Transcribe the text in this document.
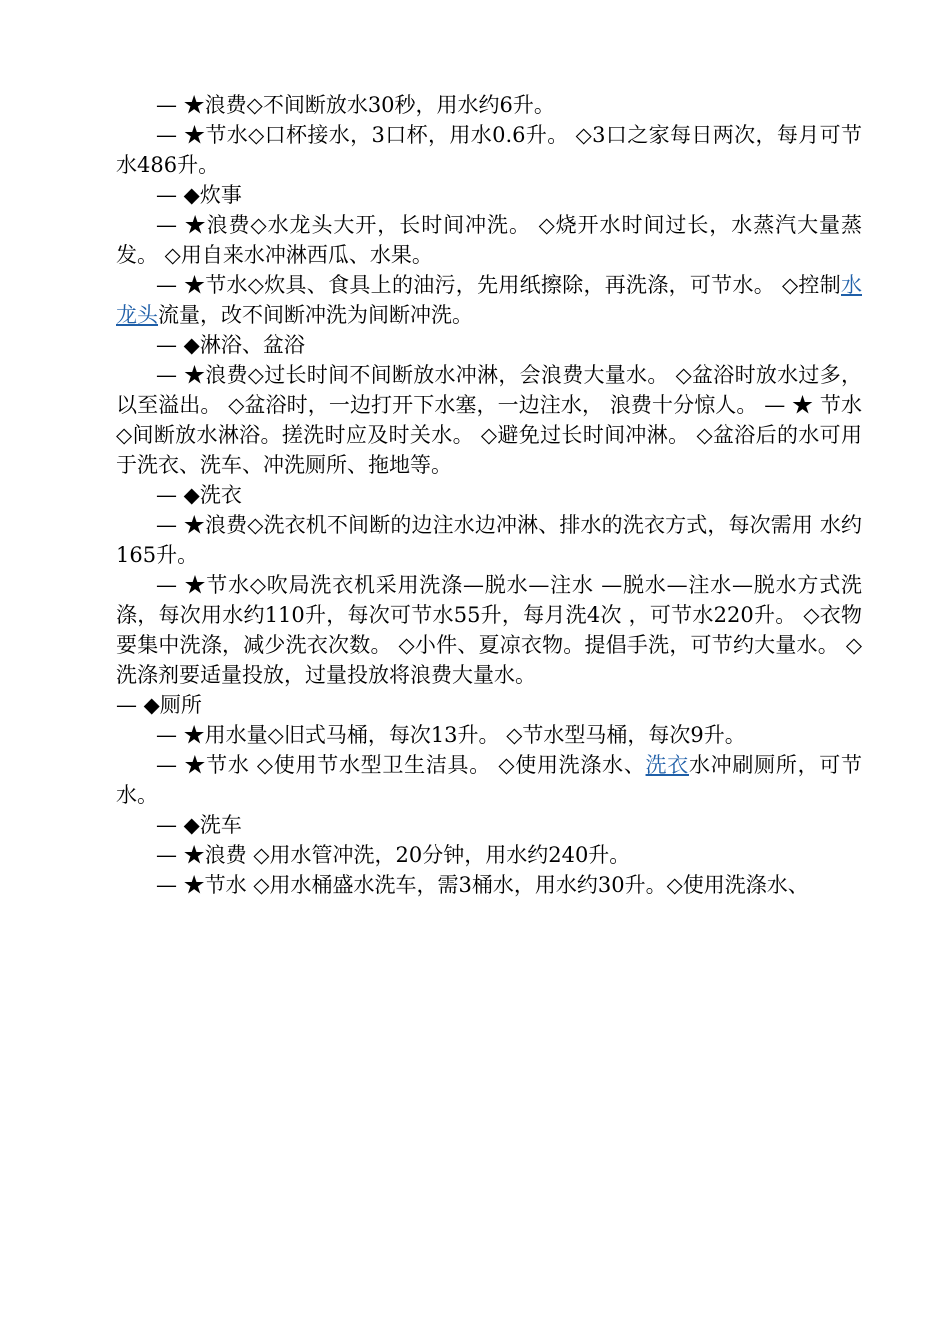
— ★浪费◇不间断放水30秒，用水约6升。

— ★节水◇口杯接水，3口杯，用水0.6升。 ◇3口之家每日两次，每月可节水486升。

— ◆炊事

— ★浪费◇水龙头大开，长时间冲洗。 ◇烧开水时间过长，水蒸汽大量蒸发。 ◇用自来水冲淋西瓜、水果。

— ★节水◇炊具、食具上的油污，先用纸擦除，再洗涤，可节水。 ◇控制水龙头流量，改不间断冲洗为间断冲洗。

— ◆淋浴、盆浴

— ★浪费◇过长时间不间断放水冲淋，会浪费大量水。 ◇盆浴时放水过多，以至溢出。 ◇盆浴时，一边打开下水塞，一边注水， 浪费十分惊人。 — ★ 节水◇间断放水淋浴。搓洗时应及时关水。 ◇避免过长时间冲淋。 ◇盆浴后的水可用于洗衣、洗车、冲洗厕所、拖地等。

— ◆洗衣

— ★浪费◇洗衣机不间断的边注水边冲淋、排水的洗衣方式，每次需用 水约165升。

— ★节水◇吹局洗衣机采用洗涤—脱水—注水 —脱水—注水—脱水方式洗 涤，每次用水约110升，每次可节水55升，每月洗4次 ，可节水220升。 ◇衣物要集中洗涤，减少洗衣次数。 ◇小件、夏凉衣物。提倡手洗，可节约大量水。 ◇洗涤剂要适量投放，过量投放将浪费大量水。

— ◆厕所

— ★用水量◇旧式马桶，每次13升。 ◇节水型马桶，每次9升。

— ★节水 ◇使用节水型卫生洁具。 ◇使用洗涤水、洗衣水冲刷厕所，可节水。

— ◆洗车

— ★浪费 ◇用水管冲洗，20分钟，用水约240升。

— ★节水 ◇用水桶盛水洗车，需3桶水，用水约30升。◇使用洗涤水、
